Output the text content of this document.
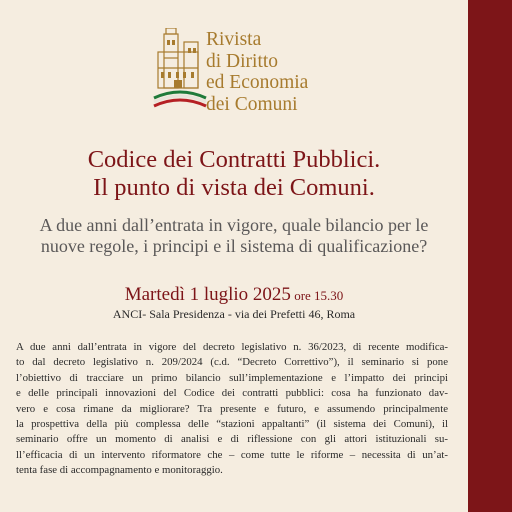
Rivista
di Diritto
ed Economia
dei Comuni
Codice dei Contratti Pubblici.
Il punto di vista dei Comuni.
A due anni dall’entrata in vigore, quale bilancio per le
nuove regole, i principi e il sistema di qualificazione?
Martedì 1 luglio 2025 ore 15.30
ANCI- Sala Presidenza - via dei Prefetti 46, Roma
A due anni dall’entrata in vigore del decreto legislativo n. 36/2023, di recente modifica-
to dal decreto legislativo n. 209/2024 (c.d. “Decreto Correttivo”), il seminario si pone
l’obiettivo di tracciare un primo bilancio sull’implementazione e l’impatto dei principi
e delle principali innovazioni del Codice dei contratti pubblici: cosa ha funzionato dav-
vero e cosa rimane da migliorare? Tra presente e futuro, e assumendo principalmente
la prospettiva della più complessa delle “stazioni appaltanti” (il sistema dei Comuni), il
seminario offre un momento di analisi e di riflessione con gli attori istituzionali su-
ll’efficacia di un intervento riformatore che – come tutte le riforme – necessita di un’at-
tenta fase di accompagnamento e monitoraggio.
